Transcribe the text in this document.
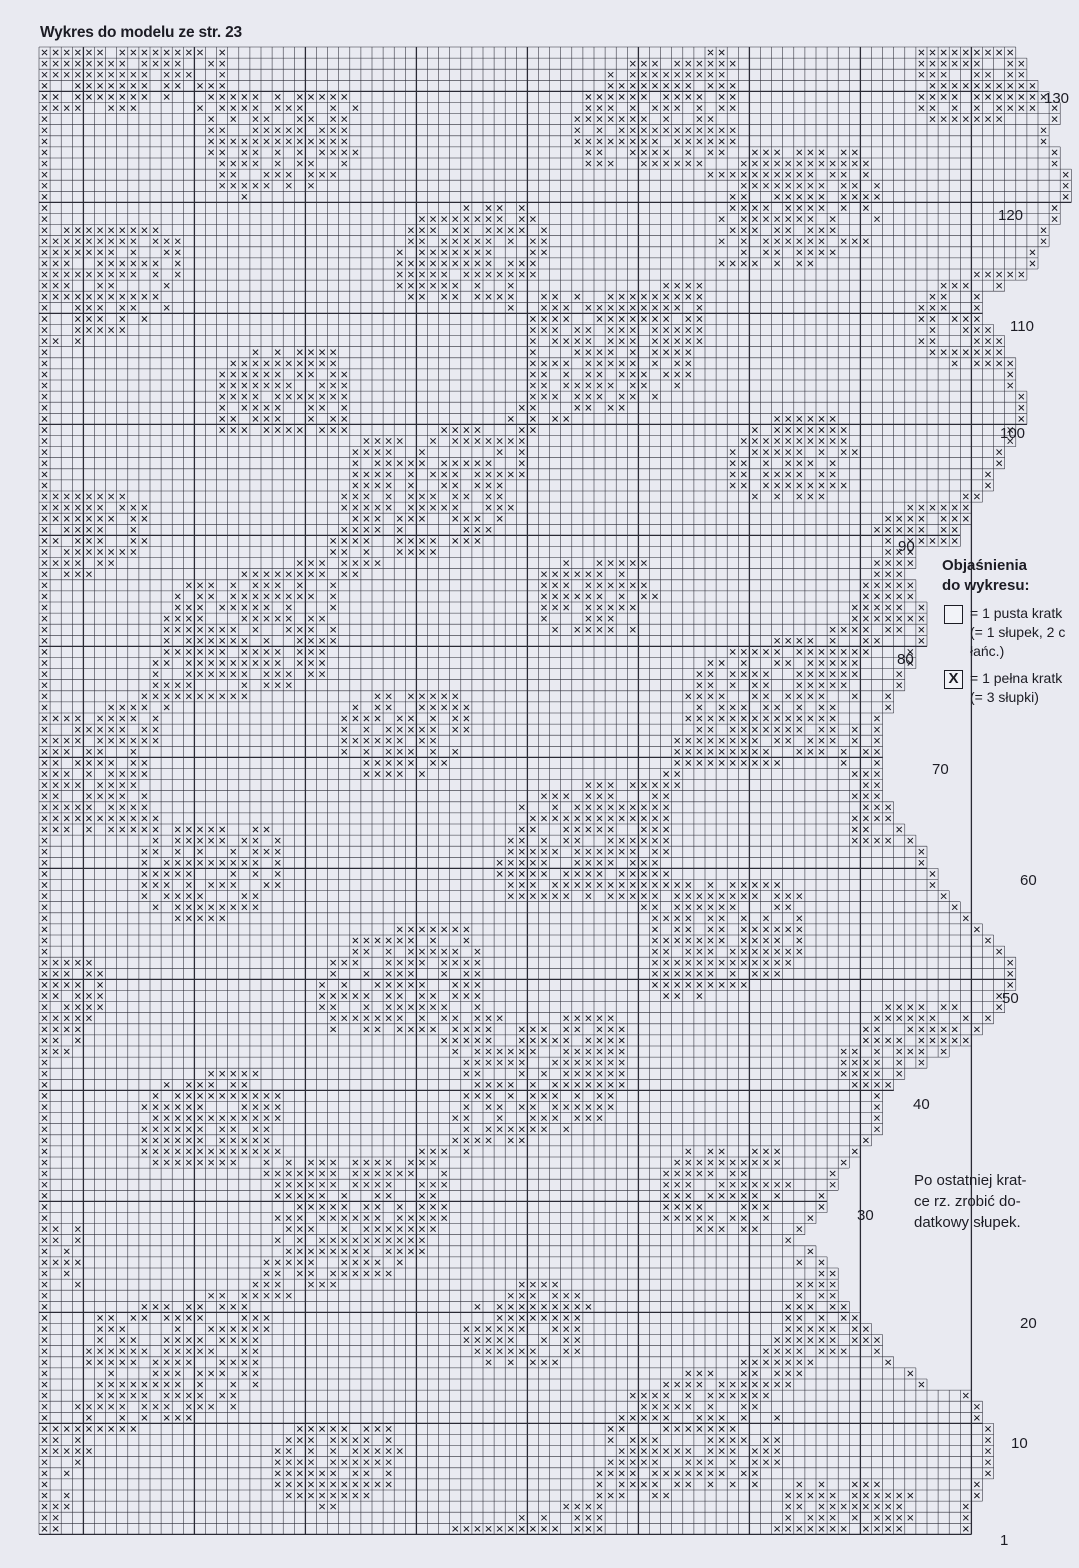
Wykres do modelu ze str. 23
130
120
110
100
90
80
70
60
50
40
30
20
10
1
Objaśnienia
do wykresu:
= 1 pusta kratk
(= 1 słupek, 2 c
łańc.)
X = 1 pełna kratk
(= 3 słupki)
Po ostatniej krat-
ce rz. zrobić do-
datkowy słupek.
